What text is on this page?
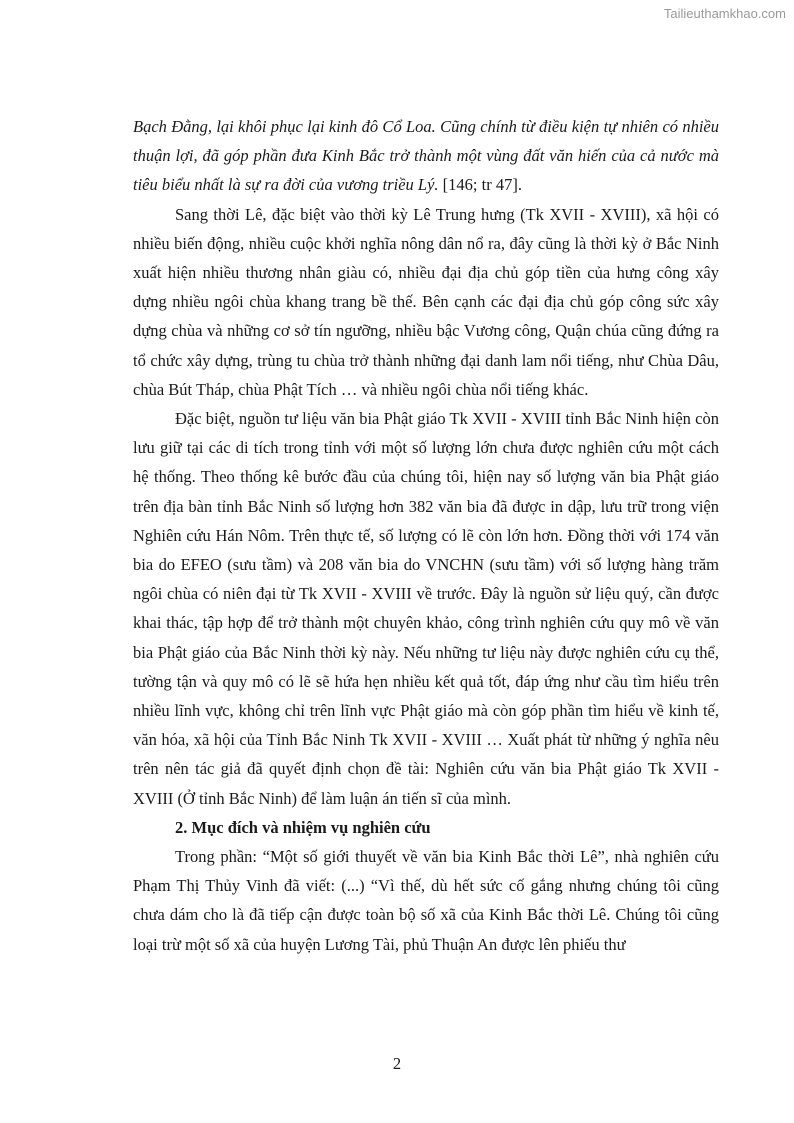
Tailieuthamkhao.com

Bạch Đằng, lại khôi phục lại kinh đô Cổ Loa. Cũng chính từ điều kiện tự nhiên có nhiều thuận lợi, đã góp phần đưa Kinh Bắc trở thành một vùng đất văn hiến của cả nước mà tiêu biểu nhất là sự ra đời của vương triều Lý. [146; tr 47].

Sang thời Lê, đặc biệt vào thời kỳ Lê Trung hưng (Tk XVII - XVIII), xã hội có nhiều biến động, nhiều cuộc khởi nghĩa nông dân nổ ra, đây cũng là thời kỳ ở Bắc Ninh xuất hiện nhiều thương nhân giàu có, nhiều đại địa chủ góp tiền của hưng công xây dựng nhiều ngôi chùa khang trang bề thế. Bên cạnh các đại địa chủ góp công sức xây dựng chùa và những cơ sở tín ngưỡng, nhiều bậc Vương công, Quận chúa cũng đứng ra tổ chức xây dựng, trùng tu chùa trở thành những đại danh lam nổi tiếng, như Chùa Dâu, chùa Bút Tháp, chùa Phật Tích … và nhiều ngôi chùa nổi tiếng khác.

Đặc biệt, nguồn tư liệu văn bia Phật giáo Tk XVII - XVIII tỉnh Bắc Ninh hiện còn lưu giữ tại các di tích trong tỉnh với một số lượng lớn chưa được nghiên cứu một cách hệ thống. Theo thống kê bước đầu của chúng tôi, hiện nay số lượng văn bia Phật giáo trên địa bàn tỉnh Bắc Ninh số lượng hơn 382 văn bia đã được in dập, lưu trữ trong viện Nghiên cứu Hán Nôm. Trên thực tế, số lượng có lẽ còn lớn hơn. Đồng thời với 174 văn bia do EFEO (sưu tầm) và 208 văn bia do VNCHN (sưu tầm) với số lượng hàng trăm ngôi chùa có niên đại từ Tk XVII - XVIII về trước. Đây là nguồn sử liệu quý, cần được khai thác, tập hợp để trở thành một chuyên khảo, công trình nghiên cứu quy mô về văn bia Phật giáo của Bắc Ninh thời kỳ này. Nếu những tư liệu này được nghiên cứu cụ thể, tường tận và quy mô có lẽ sẽ hứa hẹn nhiều kết quả tốt, đáp ứng như cầu tìm hiểu trên nhiều lĩnh vực, không chỉ trên lĩnh vực Phật giáo mà còn góp phần tìm hiểu về kinh tế, văn hóa, xã hội của Tỉnh Bắc Ninh Tk XVII - XVIII … Xuất phát từ những ý nghĩa nêu trên nên tác giả đã quyết định chọn đề tài: Nghiên cứu văn bia Phật giáo Tk XVII - XVIII (Ở tỉnh Bắc Ninh) để làm luận án tiến sĩ của mình.

2. Mục đích và nhiệm vụ nghiên cứu

Trong phần: “Một số giới thuyết về văn bia Kinh Bắc thời Lê”, nhà nghiên cứu Phạm Thị Thủy Vinh đã viết: (...) “Vì thế, dù hết sức cố gắng nhưng chúng tôi cũng chưa dám cho là đã tiếp cận được toàn bộ số xã của Kinh Bắc thời Lê. Chúng tôi cũng loại trừ một số xã của huyện Lương Tài, phủ Thuận An được lên phiếu thư

2
